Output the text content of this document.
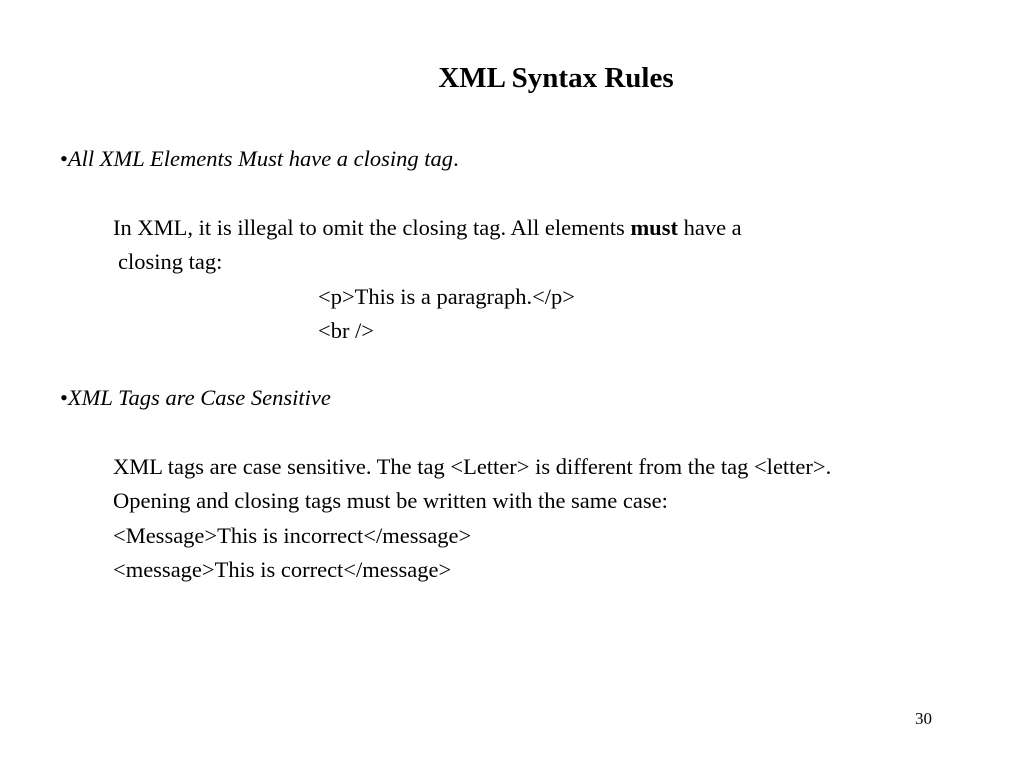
XML Syntax Rules
•All XML Elements Must have a closing tag.
In XML, it is illegal to omit the closing tag. All elements must have a
closing tag:
<p>This is a paragraph.</p>
<br />
•XML Tags are Case Sensitive
XML tags are case sensitive. The tag <Letter> is different from the tag <letter>.
Opening and closing tags must be written with the same case:
<Message>This is incorrect</message>
<message>This is correct</message>
30
